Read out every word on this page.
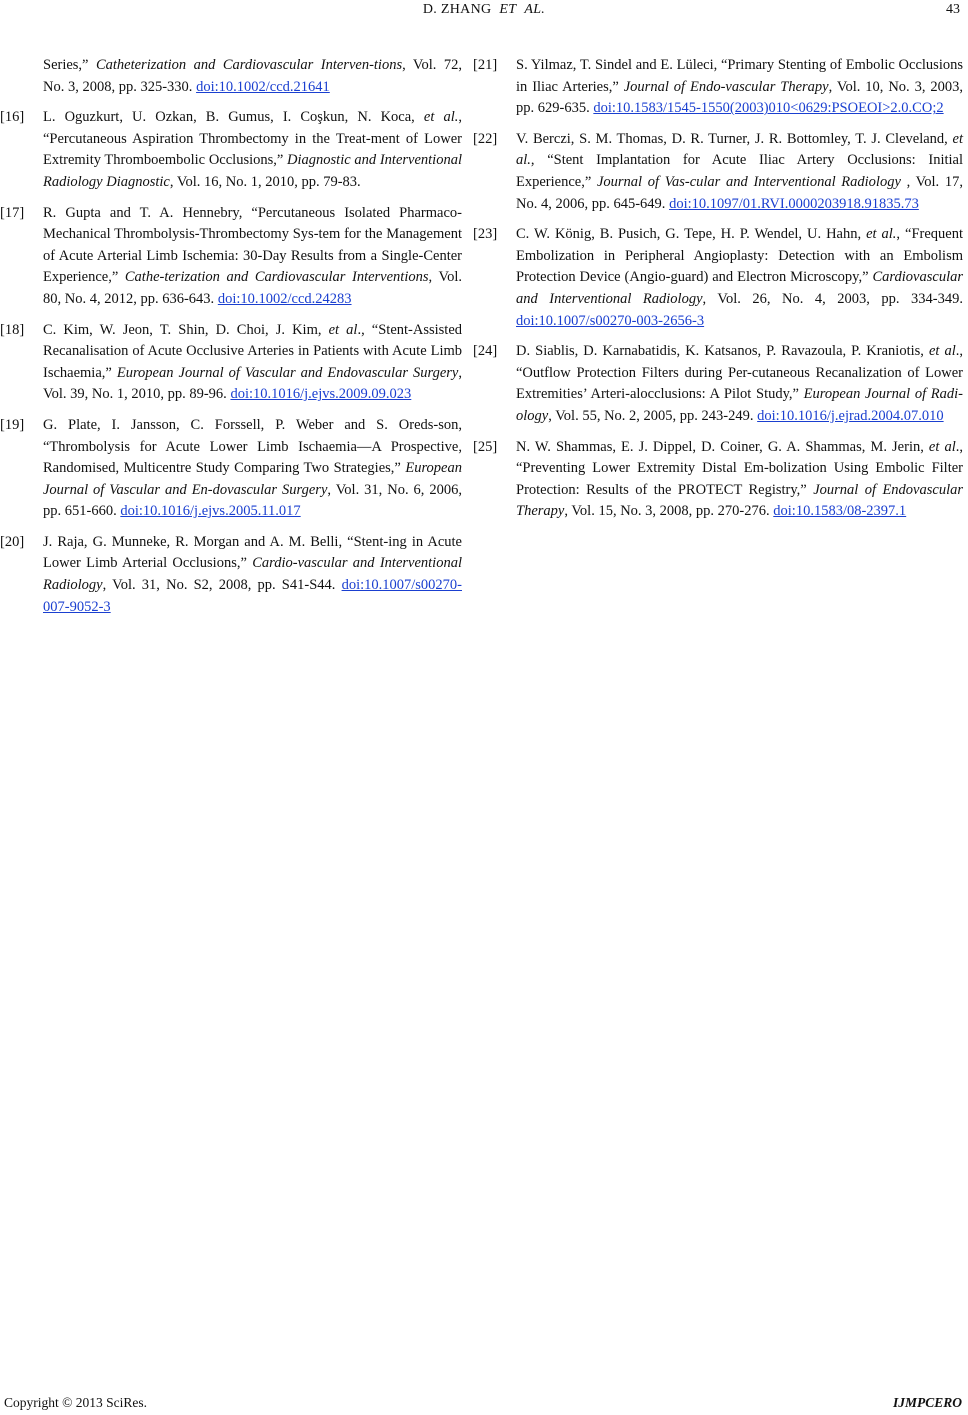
D. ZHANG ET AL.	43
Series,” Catheterization and Cardiovascular Interven-tions, Vol. 72, No. 3, 2008, pp. 325-330. doi:10.1002/ccd.21641
[16] L. Oguzkurt, U. Ozkan, B. Gumus, I. Coşkun, N. Koca, et al., “Percutaneous Aspiration Thrombectomy in the Treat-ment of Lower Extremity Thromboembolic Occlusions,” Diagnostic and Interventional Radiology Diagnostic, Vol. 16, No. 1, 2010, pp. 79-83.
[17] R. Gupta and T. A. Hennebry, “Percutaneous Isolated Pharmaco-Mechanical Thrombolysis-Thrombectomy Sys-tem for the Management of Acute Arterial Limb Ischemia: 30-Day Results from a Single-Center Experience,” Cathe-terization and Cardiovascular Interventions, Vol. 80, No. 4, 2012, pp. 636-643. doi:10.1002/ccd.24283
[18] C. Kim, W. Jeon, T. Shin, D. Choi, J. Kim, et al., “Stent-Assisted Recanalisation of Acute Occlusive Arteries in Patients with Acute Limb Ischaemia,” European Journal of Vascular and Endovascular Surgery, Vol. 39, No. 1, 2010, pp. 89-96. doi:10.1016/j.ejvs.2009.09.023
[19] G. Plate, I. Jansson, C. Forssell, P. Weber and S. Oreds-son, “Thrombolysis for Acute Lower Limb Ischaemia—A Prospective, Randomised, Multicentre Study Comparing Two Strategies,” European Journal of Vascular and En-dovascular Surgery, Vol. 31, No. 6, 2006, pp. 651-660. doi:10.1016/j.ejvs.2005.11.017
[20] J. Raja, G. Munneke, R. Morgan and A. M. Belli, “Stent-ing in Acute Lower Limb Arterial Occlusions,” Cardio-vascular and Interventional Radiology, Vol. 31, No. S2, 2008, pp. S41-S44. doi:10.1007/s00270-007-9052-3
[21] S. Yilmaz, T. Sindel and E. Lüleci, “Primary Stenting of Embolic Occlusions in Iliac Arteries,” Journal of Endo-vascular Therapy, Vol. 10, No. 3, 2003, pp. 629-635. doi:10.1583/1545-1550(2003)010<0629:PSOEOI>2.0.CO;2
[22] V. Berczi, S. M. Thomas, D. R. Turner, J. R. Bottomley, T. J. Cleveland, et al., “Stent Implantation for Acute Iliac Artery Occlusions: Initial Experience,” Journal of Vas-cular and Interventional Radiology , Vol. 17, No. 4, 2006, pp. 645-649. doi:10.1097/01.RVI.0000203918.91835.73
[23] C. W. König, B. Pusich, G. Tepe, H. P. Wendel, U. Hahn, et al., “Frequent Embolization in Peripheral Angioplasty: Detection with an Embolism Protection Device (Angio-guard) and Electron Microscopy,” Cardiovascular and Interventional Radiology, Vol. 26, No. 4, 2003, pp. 334-349. doi:10.1007/s00270-003-2656-3
[24] D. Siablis, D. Karnabatidis, K. Katsanos, P. Ravazoula, P. Kraniotis, et al., “Outflow Protection Filters during Per-cutaneous Recanalization of Lower Extremities’ Arteri-alocclusions: A Pilot Study,” European Journal of Radi-ology, Vol. 55, No. 2, 2005, pp. 243-249. doi:10.1016/j.ejrad.2004.07.010
[25] N. W. Shammas, E. J. Dippel, D. Coiner, G. A. Shammas, M. Jerin, et al., “Preventing Lower Extremity Distal Em-bolization Using Embolic Filter Protection: Results of the PROTECT Registry,” Journal of Endovascular Therapy, Vol. 15, No. 3, 2008, pp. 270-276. doi:10.1583/08-2397.1
Copyright © 2013 SciRes.	IJMPCERO
